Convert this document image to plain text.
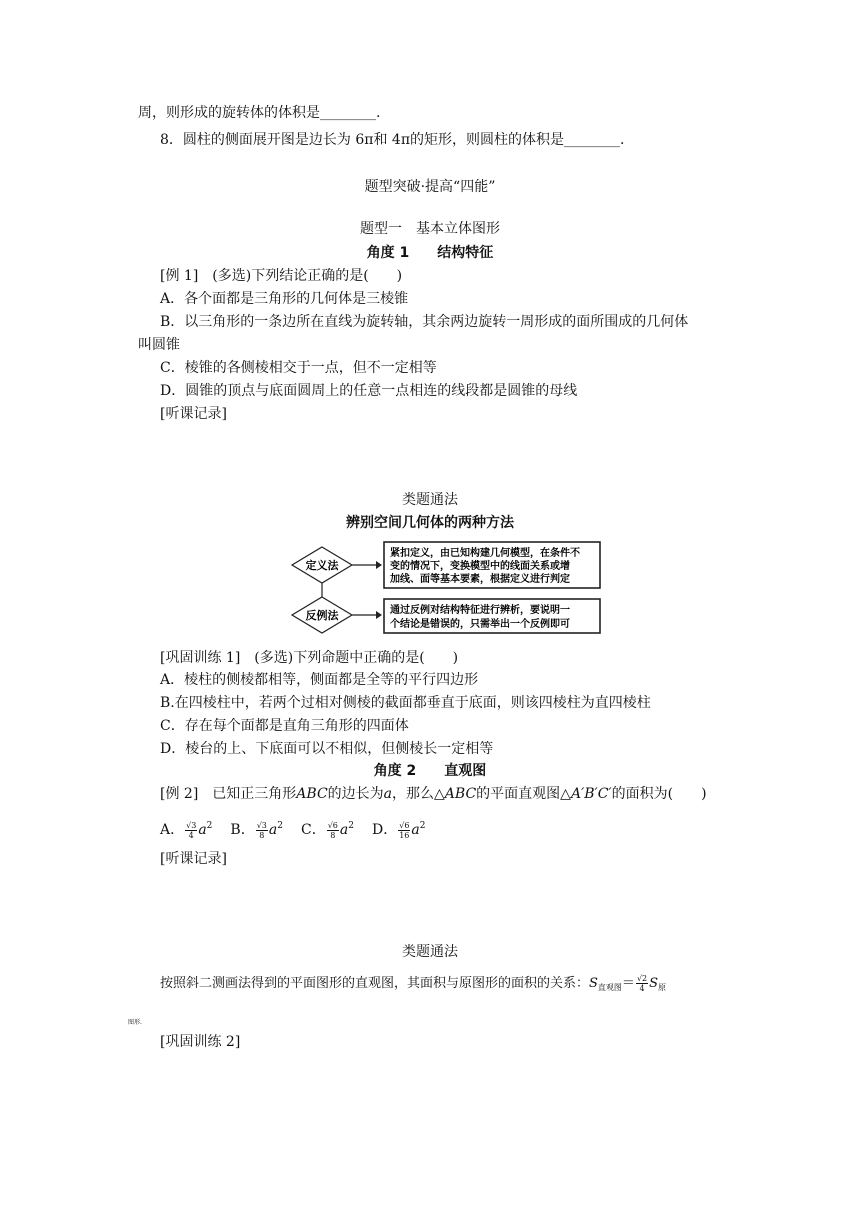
周，则形成的旋转体的体积是________.
8．圆柱的侧面展开图是边长为 6π和 4π的矩形，则圆柱的体积是________.
题型突破·提高“四能”
题型一　基本立体图形
角度 1　　结构特征
[例 1]　(多选)下列结论正确的是(　　)
A．各个面都是三角形的几何体是三棱锥
B．以三角形的一条边所在直线为旋转轴，其余两边旋转一周形成的面所围成的几何体
叫圆锥
C．棱锥的各侧棱相交于一点，但不一定相等
D．圆锥的顶点与底面圆周上的任意一点相连的线段都是圆锥的母线
[听课记录]
类题通法
辨别空间几何体的两种方法
定义法
反例法
紧扣定义，由已知构建几何模型，在条件不
变的情况下，变换模型中的线面关系或增
加线、面等基本要素，根据定义进行判定
通过反例对结构特征进行辨析，要说明一
个结论是错误的，只需举出一个反例即可
[巩固训练 1]　(多选)下列命题中正确的是(　　)
A．棱柱的侧棱都相等，侧面都是全等的平行四边形
B.在四棱柱中，若两个过相对侧棱的截面都垂直于底面，则该四棱柱为直四棱柱
C．存在每个面都是直角三角形的四面体
D．棱台的上、下底面可以不相似，但侧棱长一定相等
角度 2　　直观图
[例 2]　已知正三角形ABC的边长为a，那么△ABC的平面直观图△A′B′C′的面积为(　　)
A． $\frac{√3}{4} a^2$ B． $\frac{√3}{8} a^2$ C． $\frac{√6}{8} a^2$ D． $\frac{√6}{16} a^2$
[听课记录]
类题通法
按照斜二测画法得到的平面图形的直观图，其面积与原图形的面积的关系：$S_{直观图}= \frac{√2}{4} S_原$
图形.
[巩固训练 2]
